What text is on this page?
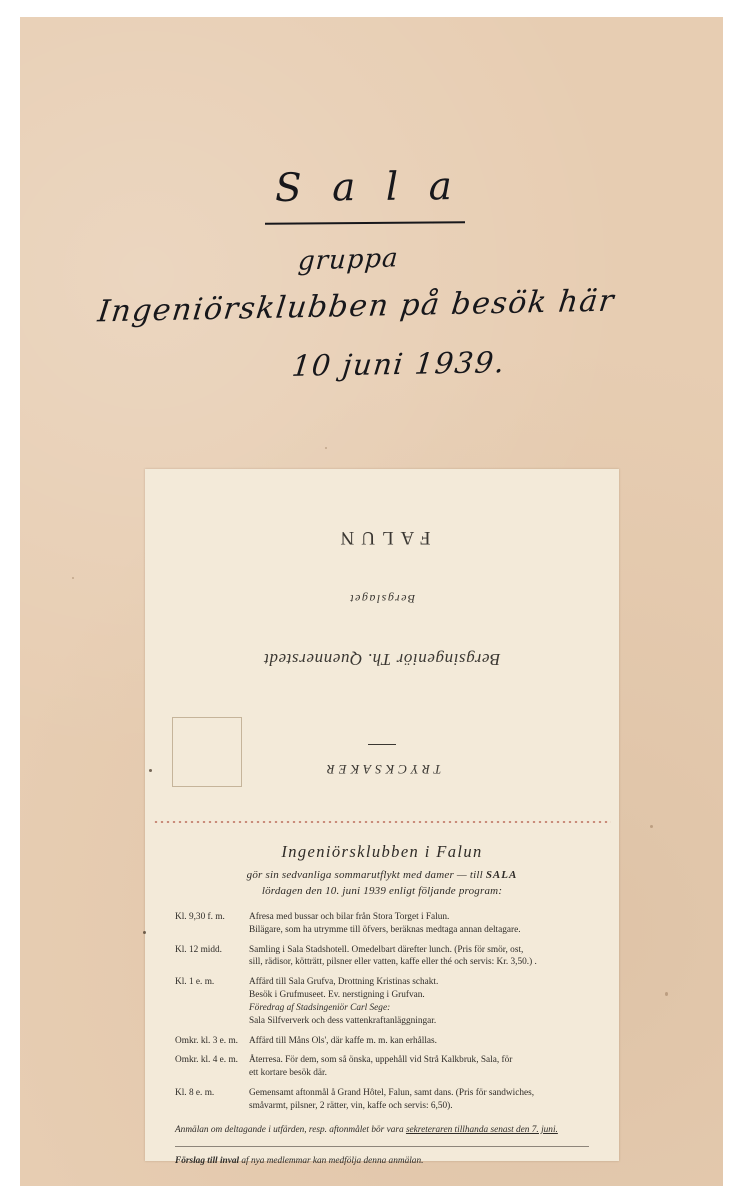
S a l a
gruppa
Ingeniörsklubben på besök här
10 juni 1939.
FALUN
Bergslaget
Bergsingeniör Th. Quennerstedt
TRYCKSAKER
Ingeniörsklubben i Falun
gör sin sedvanliga sommarutflykt med damer — till SALA
lördagen den 10. juni 1939 enligt följande program:
Kl. 9,30 f. m.	Afresa med bussar och bilar från Stora Torget i Falun.
Bilägare, som ha utrymme till öfvers, beräknas medtaga annan deltagare.

Kl. 12 midd.	Samling i Sala Stadshotell. Omedelbart därefter lunch. (Pris för smör, ost,
sill, rädisor, kötträtt, pilsner eller vatten, kaffe eller thé och servis: Kr. 3,50.) .

Kl. 1 e. m.	Affärd till Sala Grufva, Drottning Kristinas schakt.
Besök i Grufmuseet. Ev. nerstigning i Grufvan.
Föredrag af Stadsingeniör Carl Sege:
Sala Silfververk och dess vattenkraftanläggningar.

Omkr. kl. 3 e. m.	Affärd till Måns Ols', där kaffe m. m. kan erhållas.

Omkr. kl. 4 e. m.	Återresa. För dem, som så önska, uppehåll vid Strå Kalkbruk, Sala, för
ett kortare besök där.

Kl. 8 e. m.	Gemensamt aftonmål å Grand Hôtel, Falun, samt dans. (Pris för sandwiches,
småvarmt, pilsner, 2 rätter, vin, kaffe och servis: 6,50).
Anmälan om deltagande i utfärden, resp. aftonmålet bör vara sekreteraren tillhanda senast den 7. juni.
Förslag till inval af nya medlemmar kan medfölja denna anmälan.
